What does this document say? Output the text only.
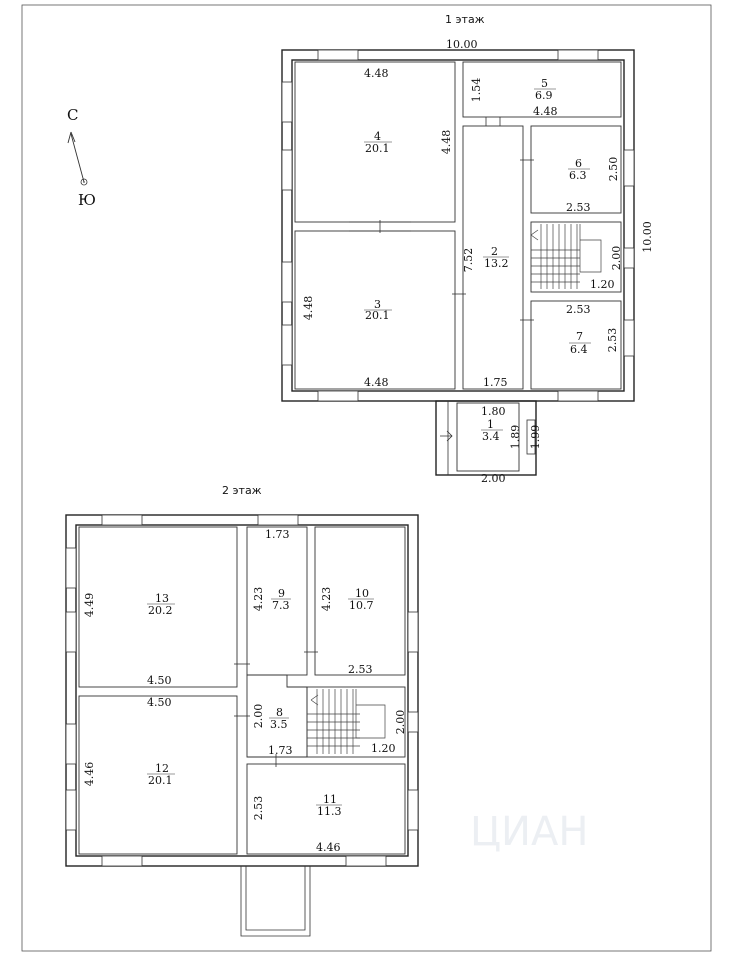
ЦИАН
С
Ю
1 этаж
10.00
10.00
4
20.1
3
20.1
5
6.9
6
6.3
2
13.2
7
6.4
1
3.4
4.48
4.48
1.54
4.48
4.48
2.50
2.53
7.52	2.00
1.20
4.48
2.53
2.53
1.75
1.80
1.89 1.99
2.00
2 этаж
13
20.2
12
20.1
9
7.3
10
10.7
8
3.5
11
11.3
1.73
4.49	4.23	4.23
4.50
2.53
4.50
2.00	2.00
1.20
1.73
4.46
2.53
4.46
